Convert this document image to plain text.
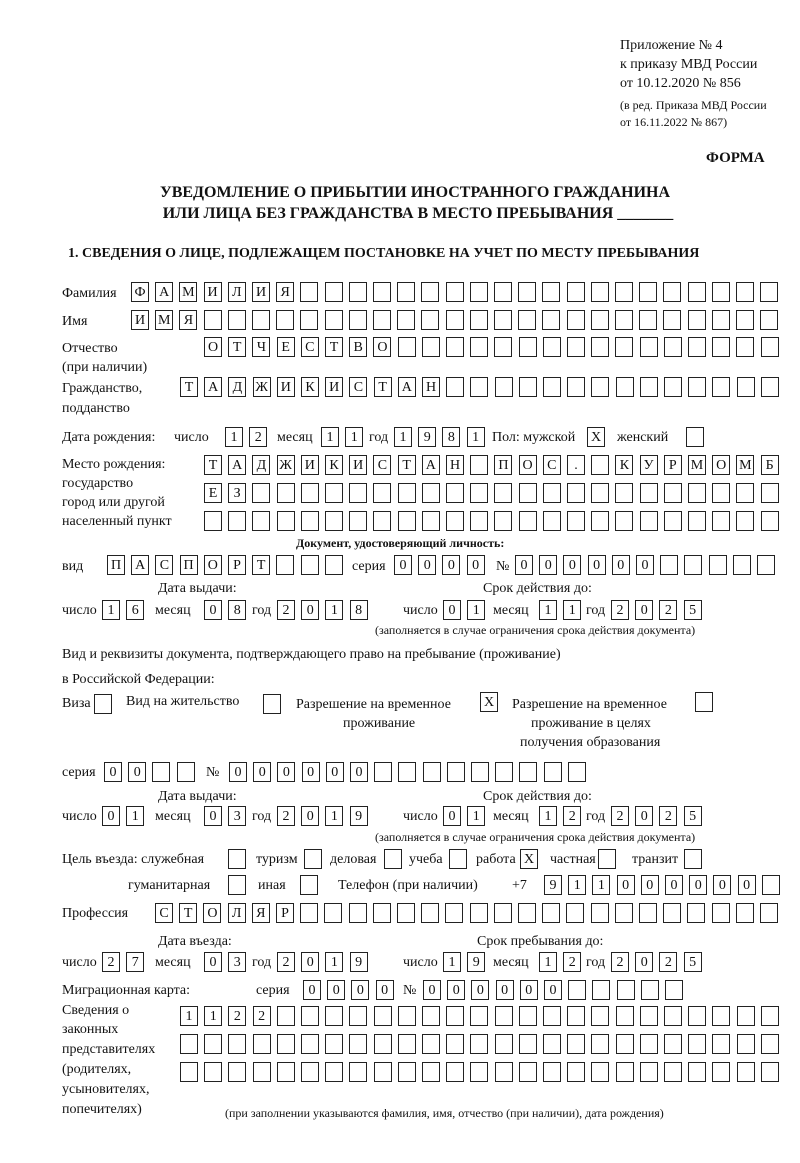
Приложение № 4
к приказу МВД России
от 10.12.2020 № 856
(в ред. Приказа МВД России
от 16.11.2022 № 867)
ФОРМА
УВЕДОМЛЕНИЕ О ПРИБЫТИИ ИНОСТРАННОГО ГРАЖДАНИНА
ИЛИ ЛИЦА БЕЗ ГРАЖДАНСТВА В МЕСТО ПРЕБЫВАНИЯ _______
1. СВЕДЕНИЯ О ЛИЦЕ, ПОДЛЕЖАЩЕМ ПОСТАНОВКЕ НА УЧЕТ ПО МЕСТУ ПРЕБЫВАНИЯ
Фамилия Ф А М И	Л	И	Я
Имя	И М Я
Отчество
(при наличии)
О	Т	Ч	Е	С	Т	В	О
Гражданство,
подданство
Т	А	Д Ж И	К	И	С	Т	А Н
Дата рождения: число	1	2	месяц 1	1 год 1	9	8	1 Пол: мужской X женский
Место рождения:
государство
город или другой
населенный пункт
Т	А	Д Ж И	К	И	С	Т	А Н	П О	С	.	К	У	Р	М О М Б
Е	З
Документ, удостоверяющий личность:
вид П А	С	П О	Р	Т	серия 0	0	0	0	№ 0	0	0	0	0	0
Дата выдачи:	Срок действия до:
число 1	6	месяц	0	8 год 2	0	1	8	число 0	1 месяц	1	1 год 2	0	2	5
(заполняется в случае ограничения срока действия документа)
Вид и реквизиты документа, подтверждающего право на пребывание (проживание)
в Российской Федерации:
Виза	Вид на жительство	Разрешение на временное
проживание
X Разрешение на временное
проживание в целях
получения образования
серия 0	0	№	0	0	0	0	0	0
Дата выдачи:	Срок действия до:
число 0	1	месяц	0	3 год 2	0	1	9	число 0	1 месяц	1	2 год 2	0	2	5
(заполняется в случае ограничения срока действия документа)
Цель въезда: служебная	туризм деловая учеба работа X частная	транзит
гуманитарная	иная	Телефон (при наличии) +7	9	1	1	0	0	0	0	0	0
Профессия	С	Т	О	Л	Я	Р
Дата въезда:	Срок пребывания до:
число 2	7	месяц	0	3 год 2	0	1	9	число 1	9 месяц	1	2 год 2	0	2	5
Миграционная карта:	серия	0	0	0	0	№ 0	0	0	0	0	0
Сведения о
законных
представителях
(родителях,
усыновителях,
попечителях)
1	1	2	2
(при заполнении указываются фамилия, имя, отчество (при наличии), дата рождения)
